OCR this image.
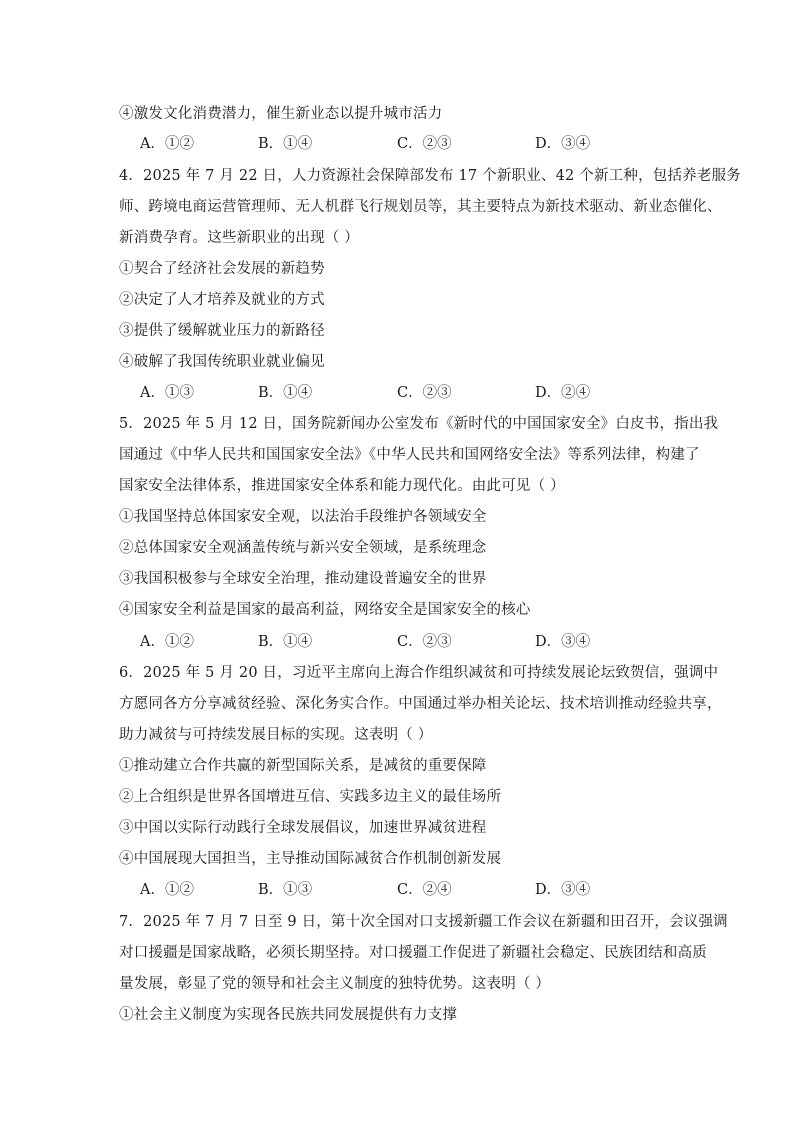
④激发文化消费潜力，催生新业态以提升城市活力
A．①②	B．①④	C．②③	D．③④
4．2025 年 7 月 22 日，人力资源社会保障部发布 17 个新职业、42 个新工种，包括养老服务
师、跨境电商运营管理师、无人机群飞行规划员等，其主要特点为新技术驱动、新业态催化、
新消费孕育。这些新职业的出现（ ）
①契合了经济社会发展的新趋势
②决定了人才培养及就业的方式
③提供了缓解就业压力的新路径
④破解了我国传统职业就业偏见
A．①③	B．①④	C．②③	D．②④
5．2025 年 5 月 12 日，国务院新闻办公室发布《新时代的中国国家安全》白皮书，指出我
国通过《中华人民共和国国家安全法》《中华人民共和国网络安全法》等系列法律，构建了
国家安全法律体系，推进国家安全体系和能力现代化。由此可见（ ）
①我国坚持总体国家安全观，以法治手段维护各领域安全
②总体国家安全观涵盖传统与新兴安全领域，是系统理念
③我国积极参与全球安全治理，推动建设普遍安全的世界
④国家安全利益是国家的最高利益，网络安全是国家安全的核心
A．①②	B．①④	C．②③	D．③④
6．2025 年 5 月 20 日，习近平主席向上海合作组织减贫和可持续发展论坛致贺信，强调中
方愿同各方分享减贫经验、深化务实合作。中国通过举办相关论坛、技术培训推动经验共享，
助力减贫与可持续发展目标的实现。这表明（ ）
①推动建立合作共赢的新型国际关系，是减贫的重要保障
②上合组织是世界各国增进互信、实践多边主义的最佳场所
③中国以实际行动践行全球发展倡议，加速世界减贫进程
④中国展现大国担当，主导推动国际减贫合作机制创新发展
A．①②	B．①③	C．②④	D．③④
7．2025 年 7 月 7 日至 9 日，第十次全国对口支援新疆工作会议在新疆和田召开，会议强调
对口援疆是国家战略，必须长期坚持。对口援疆工作促进了新疆社会稳定、民族团结和高质
量发展，彰显了党的领导和社会主义制度的独特优势。这表明（ ）
①社会主义制度为实现各民族共同发展提供有力支撑
